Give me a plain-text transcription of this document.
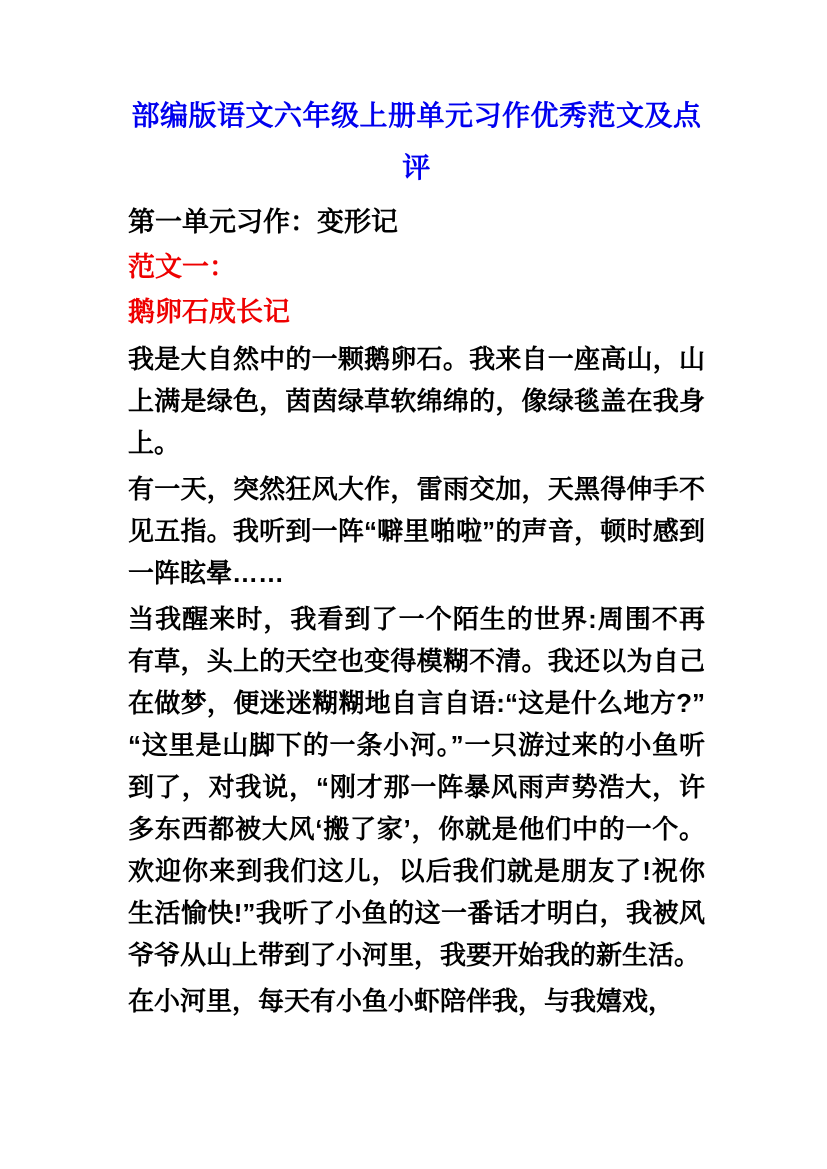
部编版语文六年级上册单元习作优秀范文及点评
第一单元习作：变形记
范文一：
鹅卵石成长记

我是大自然中的一颗鹅卵石。我来自一座高山，山上满是绿色，茵茵绿草软绵绵的，像绿毯盖在我身上。

有一天，突然狂风大作，雷雨交加，天黑得伸手不见五指。我听到一阵“噼里啪啦”的声音，顿时感到一阵眩晕……

当我醒来时，我看到了一个陌生的世界:周围不再有草，头上的天空也变得模糊不清。我还以为自己在做梦，便迷迷糊糊地自言自语:“这是什么地方?”“这里是山脚下的一条小河。”一只游过来的小鱼听到了，对我说，“刚才那一阵暴风雨声势浩大，许多东西都被大风‘搬了家’，你就是他们中的一个。欢迎你来到我们这儿，以后我们就是朋友了!祝你生活愉快!”我听了小鱼的这一番话才明白，我被风爷爷从山上带到了小河里，我要开始我的新生活。

在小河里，每天有小鱼小虾陪伴我，与我嬉戏，
